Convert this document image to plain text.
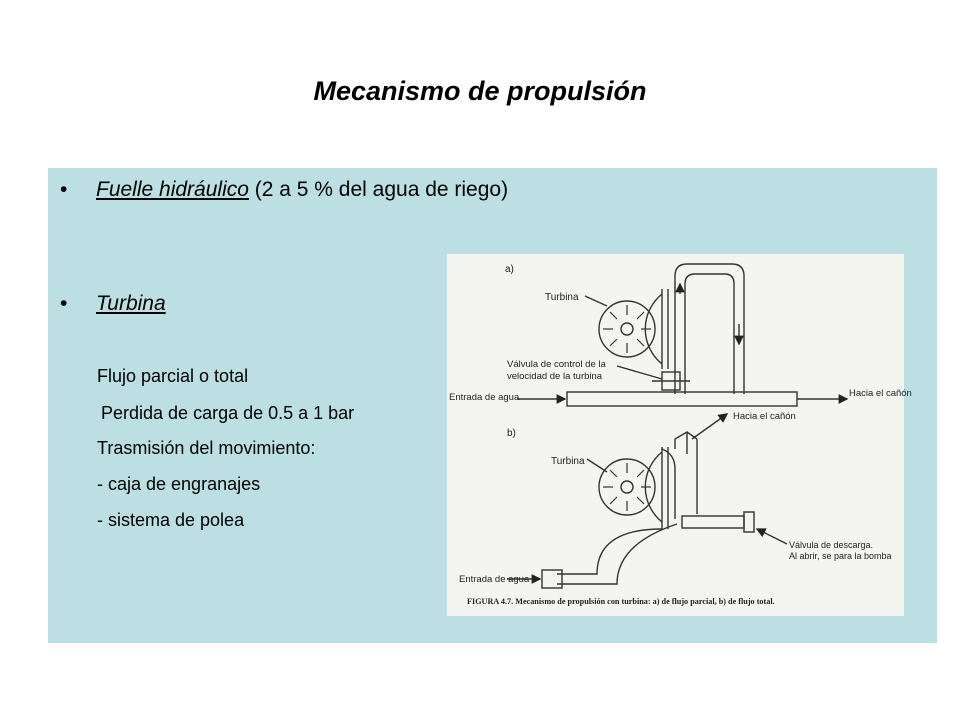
Mecanismo de propulsión
• Fuelle hidráulico (2 a 5 % del agua de riego)
• Turbina
Flujo parcial o total
Perdida de carga de 0.5 a 1 bar
Trasmisión del movimiento:
- caja de engranajes
- sistema de polea
a)
Turbina
Válvula de control de la
velocidad de la turbina
Entrada de agua	Hacia el cañón
b)
Hacia el cañón
Turbina
Válvula de descarga.
Al abrir, se para la bomba
Entrada de agua
FIGURA 4.7. Mecanismo de propulsión con turbina: a) de flujo parcial, b) de flujo total.
